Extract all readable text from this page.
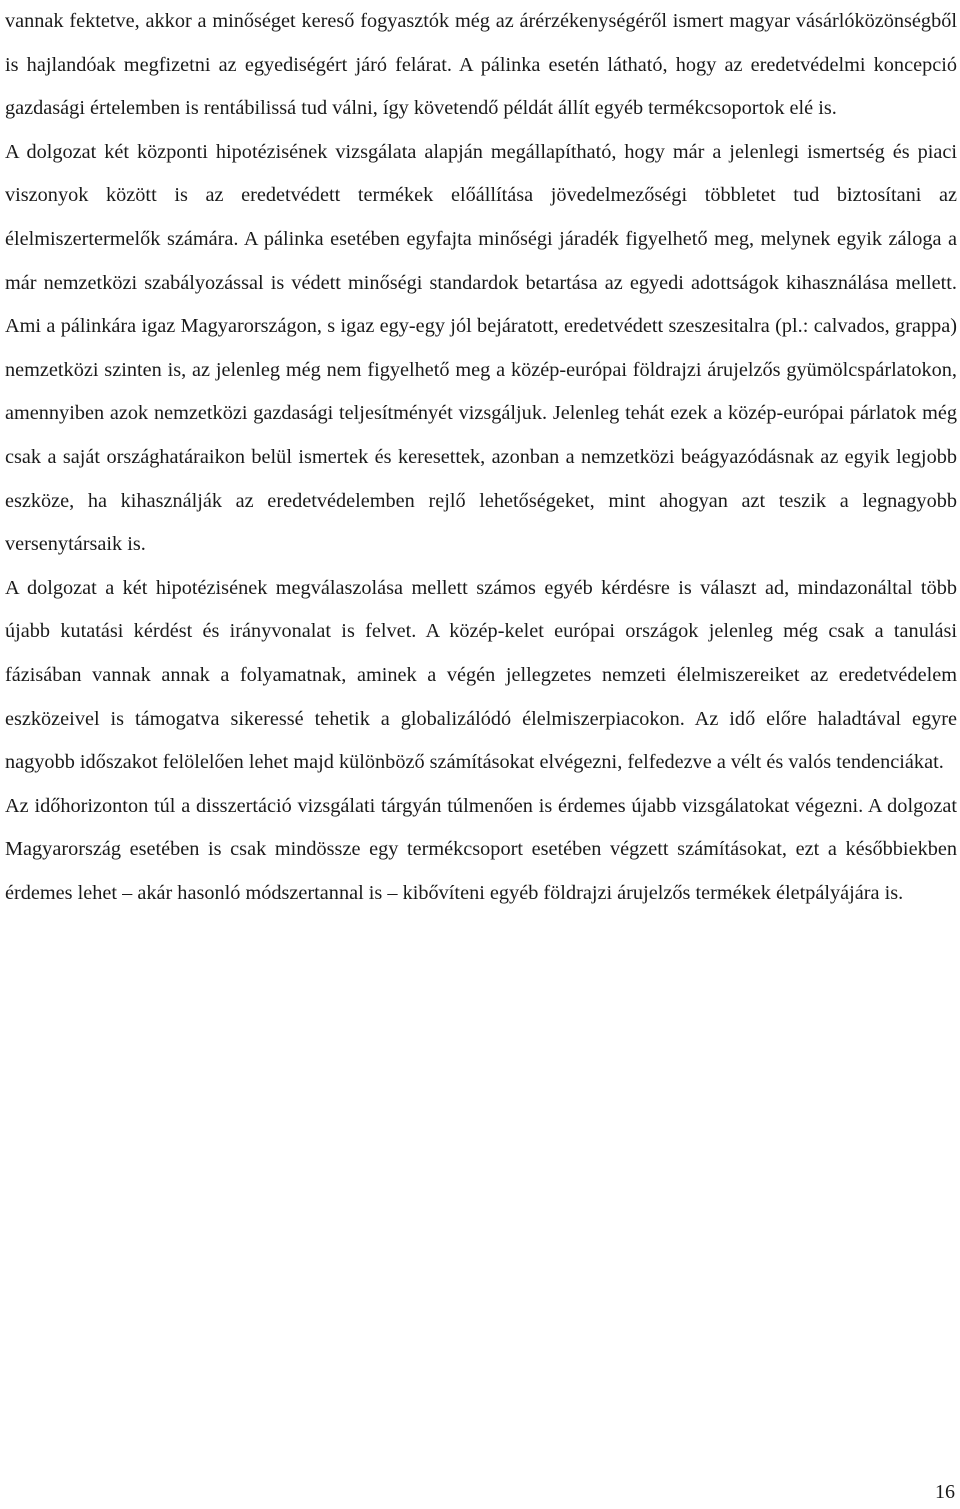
vannak fektetve, akkor a minőséget kereső fogyasztók még az árérzékenységéről ismert magyar vásárlóközönségből is hajlandóak megfizetni az egyediségért járó felárat. A pálinka esetén látható, hogy az eredetvédelmi koncepció gazdasági értelemben is rentábilissá tud válni, így követendő példát állít egyéb termékcsoportok elé is.

A dolgozat két központi hipotézisének vizsgálata alapján megállapítható, hogy már a jelenlegi ismertség és piaci viszonyok között is az eredetvédett termékek előállítása jövedelmezőségi többletet tud biztosítani az élelmiszertermelők számára. A pálinka esetében egyfajta minőségi járadék figyelhető meg, melynek egyik záloga a már nemzetközi szabályozással is védett minőségi standardok betartása az egyedi adottságok kihasználása mellett. Ami a pálinkára igaz Magyarországon, s igaz egy-egy jól bejáratott, eredetvédett szeszesitalra (pl.: calvados, grappa) nemzetközi szinten is, az jelenleg még nem figyelhető meg a közép-európai földrajzi árujelzős gyümölcspárlatokon, amennyiben azok nemzetközi gazdasági teljesítményét vizsgáljuk. Jelenleg tehát ezek a közép-európai párlatok még csak a saját országhatáraikon belül ismertek és keresettek, azonban a nemzetközi beágyazódásnak az egyik legjobb eszköze, ha kihasználják az eredetvédelemben rejlő lehetőségeket, mint ahogyan azt teszik a legnagyobb versenytársaik is.

A dolgozat a két hipotézisének megválaszolása mellett számos egyéb kérdésre is választ ad, mindazonáltal több újabb kutatási kérdést és irányvonalat is felvet. A közép-kelet európai országok jelenleg még csak a tanulási fázisában vannak annak a folyamatnak, aminek a végén jellegzetes nemzeti élelmiszereiket az eredetvédelem eszközeivel is támogatva sikeressé tehetik a globalizálódó élelmiszerpiacokon. Az idő előre haladtával egyre nagyobb időszakot felölelően lehet majd különböző számításokat elvégezni, felfedezve a vélt és valós tendenciákat.

Az időhorizonton túl a disszertáció vizsgálati tárgyán túlmenően is érdemes újabb vizsgálatokat végezni. A dolgozat Magyarország esetében is csak mindössze egy termékcsoport esetében végzett számításokat, ezt a későbbiekben érdemes lehet – akár hasonló módszertannal is – kibővíteni egyéb földrajzi árujelzős termékek életpályájára is.

16
